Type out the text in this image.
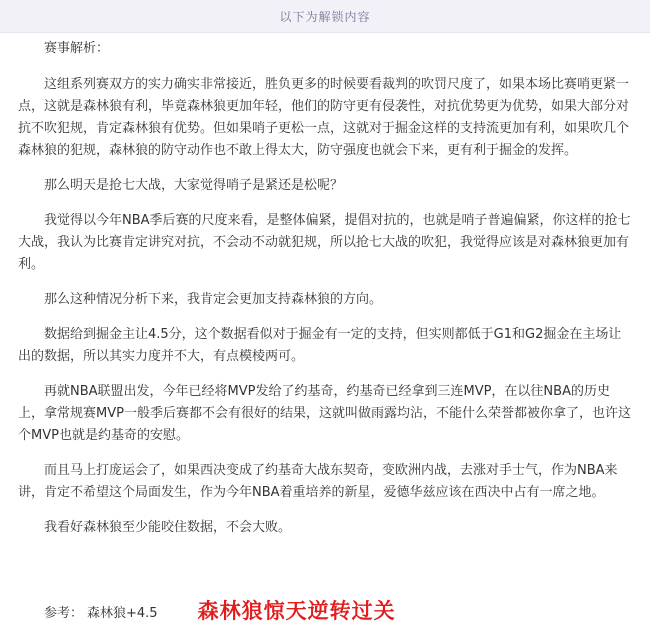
以下为解锁内容

赛事解析：

这组系列赛双方的实力确实非常接近，胜负更多的时候要看裁判的吹罚尺度了，如果本场比赛哨更紧一点，这就是森林狼有利，毕竟森林狼更加年轻，他们的防守更有侵袭性，对抗优势更为优势，如果大部分对抗不吹犯规，肯定森林狼有优势。但如果哨子更松一点，这就对于掘金这样的支持流更加有利，如果吹几个森林狼的犯规，森林狼的防守动作也不敢上得太大，防守强度也就会下来，更有利于掘金的发挥。

那么明天是抢七大战，大家觉得哨子是紧还是松呢？

我觉得以今年NBA季后赛的尺度来看，是整体偏紧，提倡对抗的，也就是哨子普遍偏紧，你这样的抢七大战，我认为比赛肯定讲究对抗，不会动不动就犯规，所以抢七大战的吹犯，我觉得应该是对森林狼更加有利。

那么这种情况分析下来，我肯定会更加支持森林狼的方向。

数据给到掘金主让4.5分，这个数据看似对于掘金有一定的支持，但实则都低于G1和G2掘金在主场让出的数据，所以其实力度并不大，有点模棱两可。

再就NBA联盟出发，今年已经将MVP发给了约基奇，约基奇已经拿到三连MVP，在以往NBA的历史上，拿常规赛MVP一般季后赛都不会有很好的结果，这就叫做雨露均沾，不能什么荣誉都被你拿了，也许这个MVP也就是约基奇的安慰。

而且马上打庞运会了，如果西决变成了约基奇大战东契奇，变欧洲内战，去涨对手士气，作为NBA来讲，肯定不希望这个局面发生，作为今年NBA着重培养的新星，爱德华兹应该在西决中占有一席之地。

我看好森林狼至少能咬住数据，不会大败。

参考： 森林狼+4.5 森林狼惊天逆转过关
